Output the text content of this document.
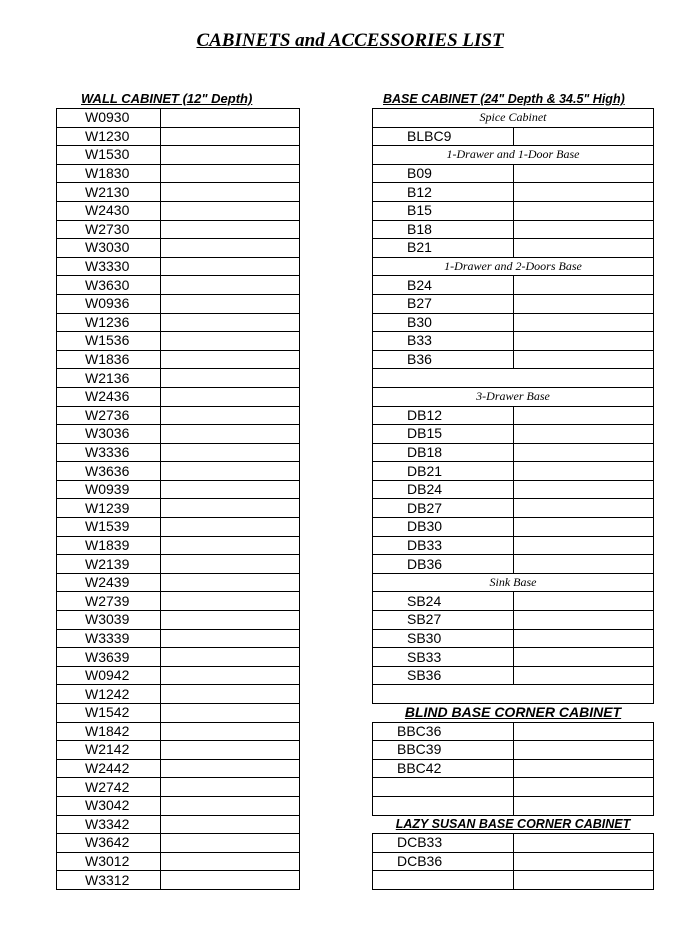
CABINETS and ACCESSORIES LIST
WALL CABINET (12" Depth)	BASE CABINET (24" Depth & 34.5" High)
W0930	
W1230	
W1530	
W1830	
W2130	
W2430	
W2730	
W3030	
W3330	
W3630	
W0936	
W1236	
W1536	
W1836	
W2136	
W2436	
W2736	
W3036	
W3336	
W3636	
W0939	
W1239	
W1539	
W1839	
W2139	
W2439	
W2739	
W3039	
W3339	
W3639	
W0942	
W1242	
W1542	
W1842	
W2142	
W2442	
W2742	
W3042	
W3342	
W3642	
W3012	
W3312	
Spice Cabinet	
BLBC9	
1-Drawer and 1-Door Base	
B09	
B12	
B15	
B18	
B21	
1-Drawer and 2-Doors Base	
B24	
B27	
B30	
B33	
B36	

3-Drawer Base	
DB12	
DB15	
DB18	
DB21	
DB24	
DB27	
DB30	
DB33	
DB36	
Sink Base	
SB24	
SB27	
SB30	
SB33	
SB36	

BLIND BASE CORNER CABINET	
BBC36	
BBC39	
BBC42	

LAZY SUSAN BASE CORNER CABINET	
DCB33	
DCB36	
